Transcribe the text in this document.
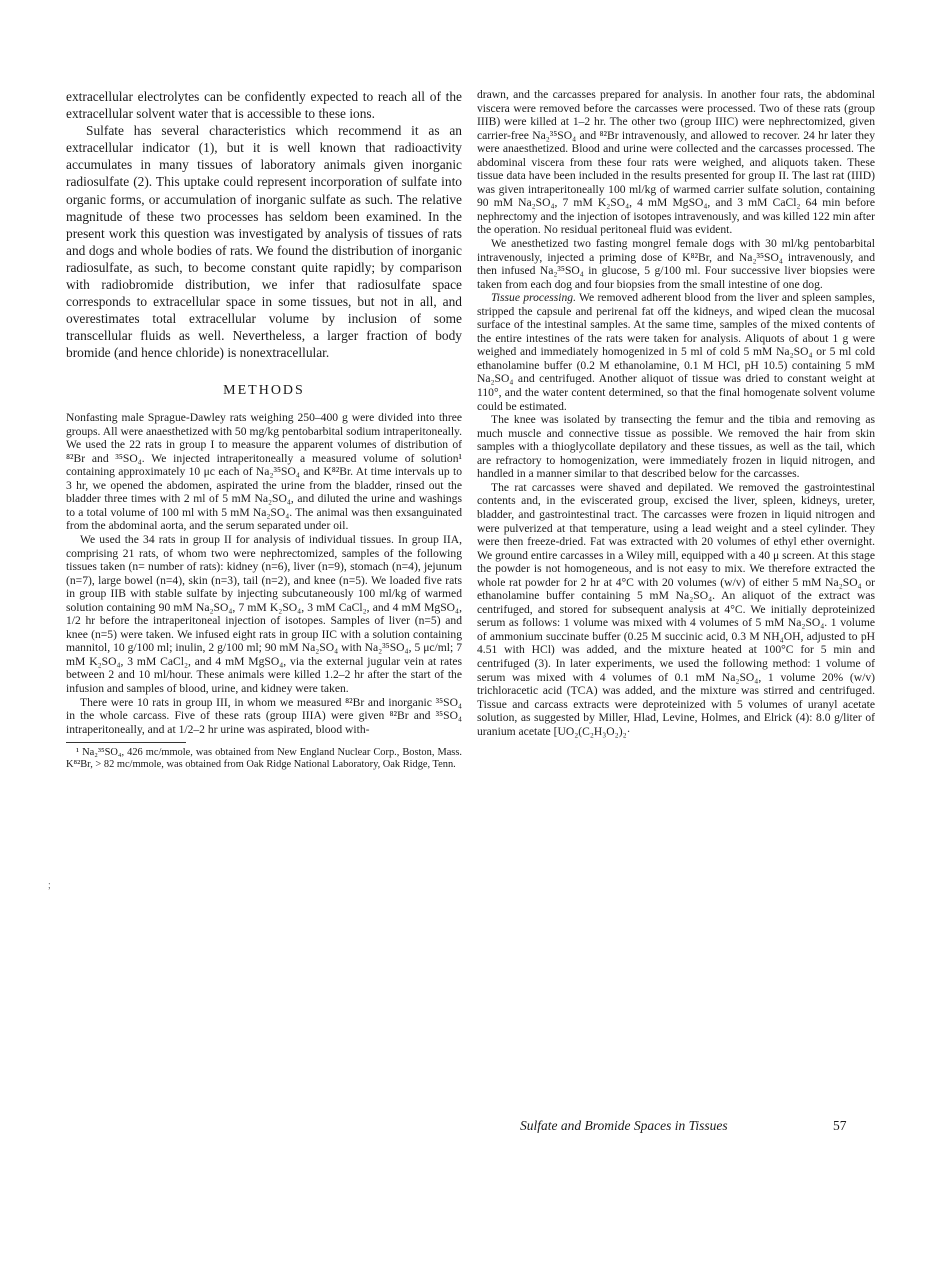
extracellular electrolytes can be confidently expected to reach all of the extracellular solvent water that is accessible to these ions.

Sulfate has several characteristics which recommend it as an extracellular indicator (1), but it is well known that radioactivity accumulates in many tissues of laboratory animals given inorganic radiosulfate (2). This uptake could represent incorporation of sulfate into organic forms, or accumulation of inorganic sulfate as such. The relative magnitude of these two processes has seldom been examined. In the present work this question was investigated by analysis of tissues of rats and dogs and whole bodies of rats. We found the distribution of inorganic radiosulfate, as such, to become constant quite rapidly; by comparison with radiobromide distribution, we infer that radiosulfate space corresponds to extracellular space in some tissues, but not in all, and overestimates total extracellular volume by inclusion of some transcellular fluids as well. Nevertheless, a larger fraction of body bromide (and hence chloride) is nonextracellular.

METHODS

Nonfasting male Sprague-Dawley rats weighing 250–400 g were divided into three groups. All were anaesthetized with 50 mg/kg pentobarbital sodium intraperitoneally. We used the 22 rats in group I to measure the apparent volumes of distribution of ⁸²Br and ³⁵SO₄. We injected intraperitoneally a measured volume of solution¹ containing approximately 10 μc each of Na₂³⁵SO₄ and K⁸²Br. At time intervals up to 3 hr, we opened the abdomen, aspirated the urine from the bladder, rinsed out the bladder three times with 2 ml of 5 mM Na₂SO₄, and diluted the urine and washings to a total volume of 100 ml with 5 mM Na₂SO₄. The animal was then exsanguinated from the abdominal aorta, and the serum separated under oil.

We used the 34 rats in group II for analysis of individual tissues. In group IIA, comprising 21 rats, of whom two were nephrectomized, samples of the following tissues taken (n= number of rats): kidney (n=6), liver (n=9), stomach (n=4), jejunum (n=7), large bowel (n=4), skin (n=3), tail (n=2), and knee (n=5). We loaded five rats in group IIB with stable sulfate by injecting subcutaneously 100 ml/kg of warmed solution containing 90 mM Na₂SO₄, 7 mM K₂SO₄, 3 mM CaCl₂, and 4 mM MgSO₄, 1/2 hr before the intraperitoneal injection of isotopes. Samples of liver (n=5) and knee (n=5) were taken. We infused eight rats in group IIC with a solution containing mannitol, 10 g/100 ml; inulin, 2 g/100 ml; 90 mM Na₂SO₄ with Na₂³⁵SO₄, 5 μc/ml; 7 mM K₂SO₄, 3 mM CaCl₂, and 4 mM MgSO₄, via the external jugular vein at rates between 2 and 10 ml/hour. These animals were killed 1.2–2 hr after the start of the infusion and samples of blood, urine, and kidney were taken.

There were 10 rats in group III, in whom we measured ⁸²Br and inorganic ³⁵SO₄ in the whole carcass. Five of these rats (group IIIA) were given ⁸²Br and ³⁵SO₄ intraperitoneally, and at 1/2–2 hr urine was aspirated, blood with-

¹ Na₂³⁵SO₄, 426 mc/mmole, was obtained from New England Nuclear Corp., Boston, Mass. K⁸²Br, > 82 mc/mmole, was obtained from Oak Ridge National Laboratory, Oak Ridge, Tenn.

;

drawn, and the carcasses prepared for analysis. In another four rats, the abdominal viscera were removed before the carcasses were processed. Two of these rats (group IIIB) were killed at 1–2 hr. The other two (group IIIC) were nephrectomized, given carrier-free Na₂³⁵SO₄ and ⁸²Br intravenously, and allowed to recover. 24 hr later they were anaesthetized. Blood and urine were collected and the carcasses processed. The abdominal viscera from these four rats were weighed, and aliquots taken. These tissue data have been included in the results presented for group II. The last rat (IIID) was given intraperitoneally 100 ml/kg of warmed carrier sulfate solution, containing 90 mM Na₂SO₄, 7 mM K₂SO₄, 4 mM MgSO₄, and 3 mM CaCl₂ 64 min before nephrectomy and the injection of isotopes intravenously, and was killed 122 min after the operation. No residual peritoneal fluid was evident.

We anesthetized two fasting mongrel female dogs with 30 ml/kg pentobarbital intravenously, injected a priming dose of K⁸²Br, and Na₂³⁵SO₄ intravenously, and then infused Na₂³⁵SO₄ in glucose, 5 g/100 ml. Four successive liver biopsies were taken from each dog and four biopsies from the small intestine of one dog.

Tissue processing. We removed adherent blood from the liver and spleen samples, stripped the capsule and perirenal fat off the kidneys, and wiped clean the mucosal surface of the intestinal samples. At the same time, samples of the mixed contents of the entire intestines of the rats were taken for analysis. Aliquots of about 1 g were weighed and immediately homogenized in 5 ml of cold 5 mM Na₂SO₄ or 5 ml cold ethanolamine buffer (0.2 M ethanolamine, 0.1 M HCl, pH 10.5) containing 5 mM Na₂SO₄ and centrifuged. Another aliquot of tissue was dried to constant weight at 110°, and the water content determined, so that the final homogenate solvent volume could be estimated.

The knee was isolated by transecting the femur and the tibia and removing as much muscle and connective tissue as possible. We removed the hair from skin samples with a thioglycollate depilatory and these tissues, as well as the tail, which are refractory to homogenization, were immediately frozen in liquid nitrogen, and handled in a manner similar to that described below for the carcasses.

The rat carcasses were shaved and depilated. We removed the gastrointestinal contents and, in the eviscerated group, excised the liver, spleen, kidneys, ureter, bladder, and gastrointestinal tract. The carcasses were frozen in liquid nitrogen and were pulverized at that temperature, using a lead weight and a steel cylinder. They were then freeze-dried. Fat was extracted with 20 volumes of ethyl ether overnight. We ground entire carcasses in a Wiley mill, equipped with a 40 μ screen. At this stage the powder is not homogeneous, and is not easy to mix. We therefore extracted the whole rat powder for 2 hr at 4°C with 20 volumes (w/v) of either 5 mM Na₂SO₄ or ethanolamine buffer containing 5 mM Na₂SO₄. An aliquot of the extract was centrifuged, and stored for subsequent analysis at 4°C. We initially deproteinized serum as follows: 1 volume was mixed with 4 volumes of 5 mM Na₂SO₄. 1 volume of ammonium succinate buffer (0.25 M succinic acid, 0.3 M NH₄OH, adjusted to pH 4.51 with HCl) was added, and the mixture heated at 100°C for 5 min and centrifuged (3). In later experiments, we used the following method: 1 volume of serum was mixed with 4 volumes of 0.1 mM Na₂SO₄, 1 volume 20% (w/v) trichloracetic acid (TCA) was added, and the mixture was stirred and centrifuged. Tissue and carcass extracts were deproteinized with 5 volumes of uranyl acetate solution, as suggested by Miller, Hlad, Levine, Holmes, and Elrick (4): 8.0 g/liter of uranium acetate [UO₂(C₂H₃O₂)₂·

Sulfate and Bromide Spaces in Tissues	57
